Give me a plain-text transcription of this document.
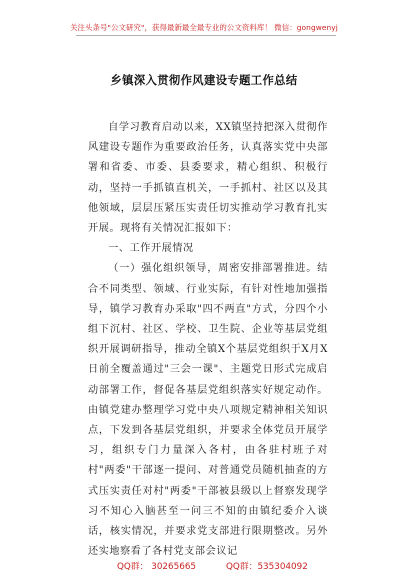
关注头条号"公文研究"，获得最新最全最专业的公文资料库！ 微信：gongwenyj
乡镇深入贯彻作风建设专题工作总结

自学习教育启动以来，XX镇坚持把深入贯彻作风建设专题作为重要政治任务，认真落实党中央部署和省委、市委、县委要求，精心组织、积极行动，坚持一手抓镇直机关，一手抓村、社区以及其他领域，层层压紧压实责任切实推动学习教育扎实开展。现将有关情况汇报如下：

一、工作开展情况

（一）强化组织领导，周密安排部署推进。结合不同类型、领域、行业实际，有针对性地加强指导，镇学习教育办采取"四不两直"方式，分四个小组下沉村、社区、学校、卫生院、企业等基层党组织开展调研指导，推动全镇X个基层党组织于X月X日前全覆盖通过"三会一课"、主题党日形式完成启动部署工作，督促各基层党组织落实好规定动作。由镇党建办整理学习党中央八项规定精神相关知识点，下发到各基层党组织，并要求全体党员开展学习，组织专门力量深入各村，由各驻村班子对村"两委"干部逐一提问、对普通党员随机抽查的方式压实责任对村"两委"干部被县级以上督察发现学习不知心入脑甚至一问三不知的由镇纪委介入谈话，核实情况，并要求党支部进行限期整改。另外还实地察看了各村党支部会议记

QQ群： 30265665	QQ群：535304092
